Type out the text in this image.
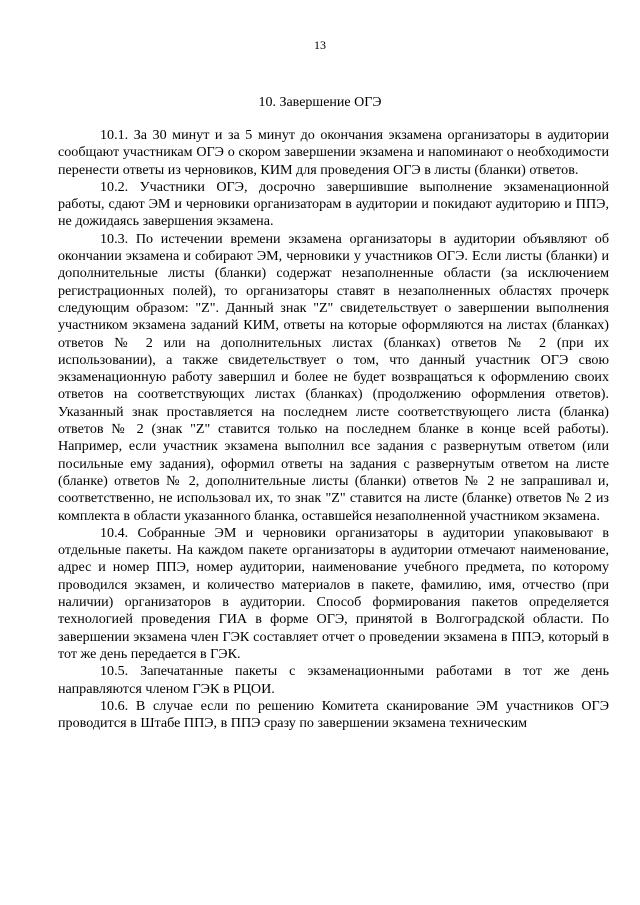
13
10. Завершение ОГЭ

10.1. За 30 минут и за 5 минут до окончания экзамена организаторы в аудитории сообщают участникам ОГЭ о скором завершении экзамена и напоминают о необходимости перенести ответы из черновиков, КИМ для проведения ОГЭ в листы (бланки) ответов.

10.2. Участники ОГЭ, досрочно завершившие выполнение экзаменационной работы, сдают ЭМ и черновики организаторам в аудитории и покидают аудиторию и ППЭ, не дожидаясь завершения экзамена.

10.3. По истечении времени экзамена организаторы в аудитории объявляют об окончании экзамена и собирают ЭМ, черновики у участников ОГЭ. Если листы (бланки) и дополнительные листы (бланки) содержат незаполненные области (за исключением регистрационных полей), то организаторы ставят в незаполненных областях прочерк следующим образом: "Z". Данный знак "Z" свидетельствует о завершении выполнения участником экзамена заданий КИМ, ответы на которые оформляются на листах (бланках) ответов № 2 или на дополнительных листах (бланках) ответов № 2 (при их использовании), а также свидетельствует о том, что данный участник ОГЭ свою экзаменационную работу завершил и более не будет возвращаться к оформлению своих ответов на соответствующих листах (бланках) (продолжению оформления ответов). Указанный знак проставляется на последнем листе соответствующего листа (бланка) ответов № 2 (знак "Z" ставится только на последнем бланке в конце всей работы). Например, если участник экзамена выполнил все задания с развернутым ответом (или посильные ему задания), оформил ответы на задания с развернутым ответом на листе (бланке) ответов № 2, дополнительные листы (бланки) ответов № 2 не запрашивал и, соответственно, не использовал их, то знак "Z" ставится на листе (бланке) ответов № 2 из комплекта в области указанного бланка, оставшейся незаполненной участником экзамена.

10.4. Собранные ЭМ и черновики организаторы в аудитории упаковывают в отдельные пакеты. На каждом пакете организаторы в аудитории отмечают наименование, адрес и номер ППЭ, номер аудитории, наименование учебного предмета, по которому проводился экзамен, и количество материалов в пакете, фамилию, имя, отчество (при наличии) организаторов в аудитории. Способ формирования пакетов определяется технологией проведения ГИА в форме ОГЭ, принятой в Волгоградской области. По завершении экзамена член ГЭК составляет отчет о проведении экзамена в ППЭ, который в тот же день передается в ГЭК.

10.5. Запечатанные пакеты с экзаменационными работами в тот же день направляются членом ГЭК в РЦОИ.

10.6. В случае если по решению Комитета сканирование ЭМ участников ОГЭ проводится в Штабе ППЭ, в ППЭ сразу по завершении экзамена техническим
